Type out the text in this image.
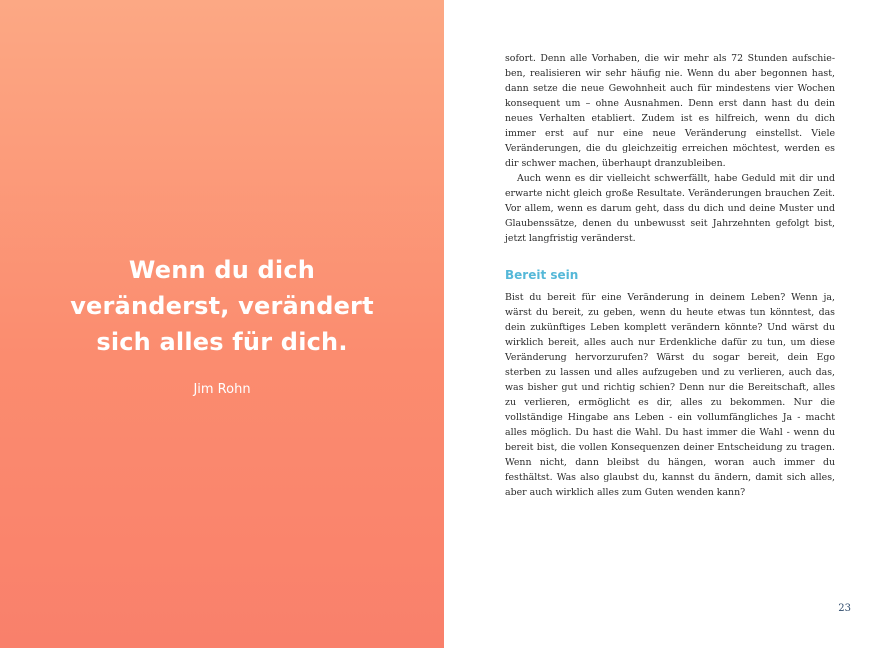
Wenn du dich
veränderst, verändert
sich alles für dich.
Jim Rohn

sofort. Denn alle Vorhaben, die wir mehr als 72 Stunden aufschieben, realisieren wir sehr häufig nie. Wenn du aber begonnen hast, dann setze die neue Gewohnheit auch für mindestens vier Wochen konsequent um – ohne Ausnahmen. Denn erst dann hast du dein neues Verhalten etabliert. Zudem ist es hilfreich, wenn du dich immer erst auf nur eine neue Veränderung einstellst. Viele Veränderungen, die du gleichzeitig erreichen möchtest, werden es dir schwer machen, überhaupt dranzubleiben.

Auch wenn es dir vielleicht schwerfällt, habe Geduld mit dir und erwarte nicht gleich große Resultate. Veränderungen brauchen Zeit. Vor allem, wenn es darum geht, dass du dich und deine Muster und Glaubenssätze, denen du unbewusst seit Jahrzehnten gefolgt bist, jetzt langfristig veränderst.

Bereit sein

Bist du bereit für eine Veränderung in deinem Leben? Wenn ja, wärst du bereit, zu geben, wenn du heute etwas tun könntest, das dein zukünftiges Leben komplett verändern könnte? Und wärst du wirklich bereit, alles auch nur Erdenkliche dafür zu tun, um diese Veränderung hervorzurufen? Wärst du sogar bereit, dein Ego sterben zu lassen und alles aufzugeben und zu verlieren, auch das, was bisher gut und richtig schien? Denn nur die Bereitschaft, alles zu verlieren, ermöglicht es dir, alles zu bekommen. Nur die vollständige Hingabe ans Leben - ein vollumfängliches Ja - macht alles möglich. Du hast die Wahl. Du hast immer die Wahl - wenn du bereit bist, die vollen Konsequenzen deiner Entscheidung zu tragen. Wenn nicht, dann bleibst du hängen, woran auch immer du festhältst. Was also glaubst du, kannst du ändern, damit sich alles, aber auch wirklich alles zum Guten wenden kann?

23
